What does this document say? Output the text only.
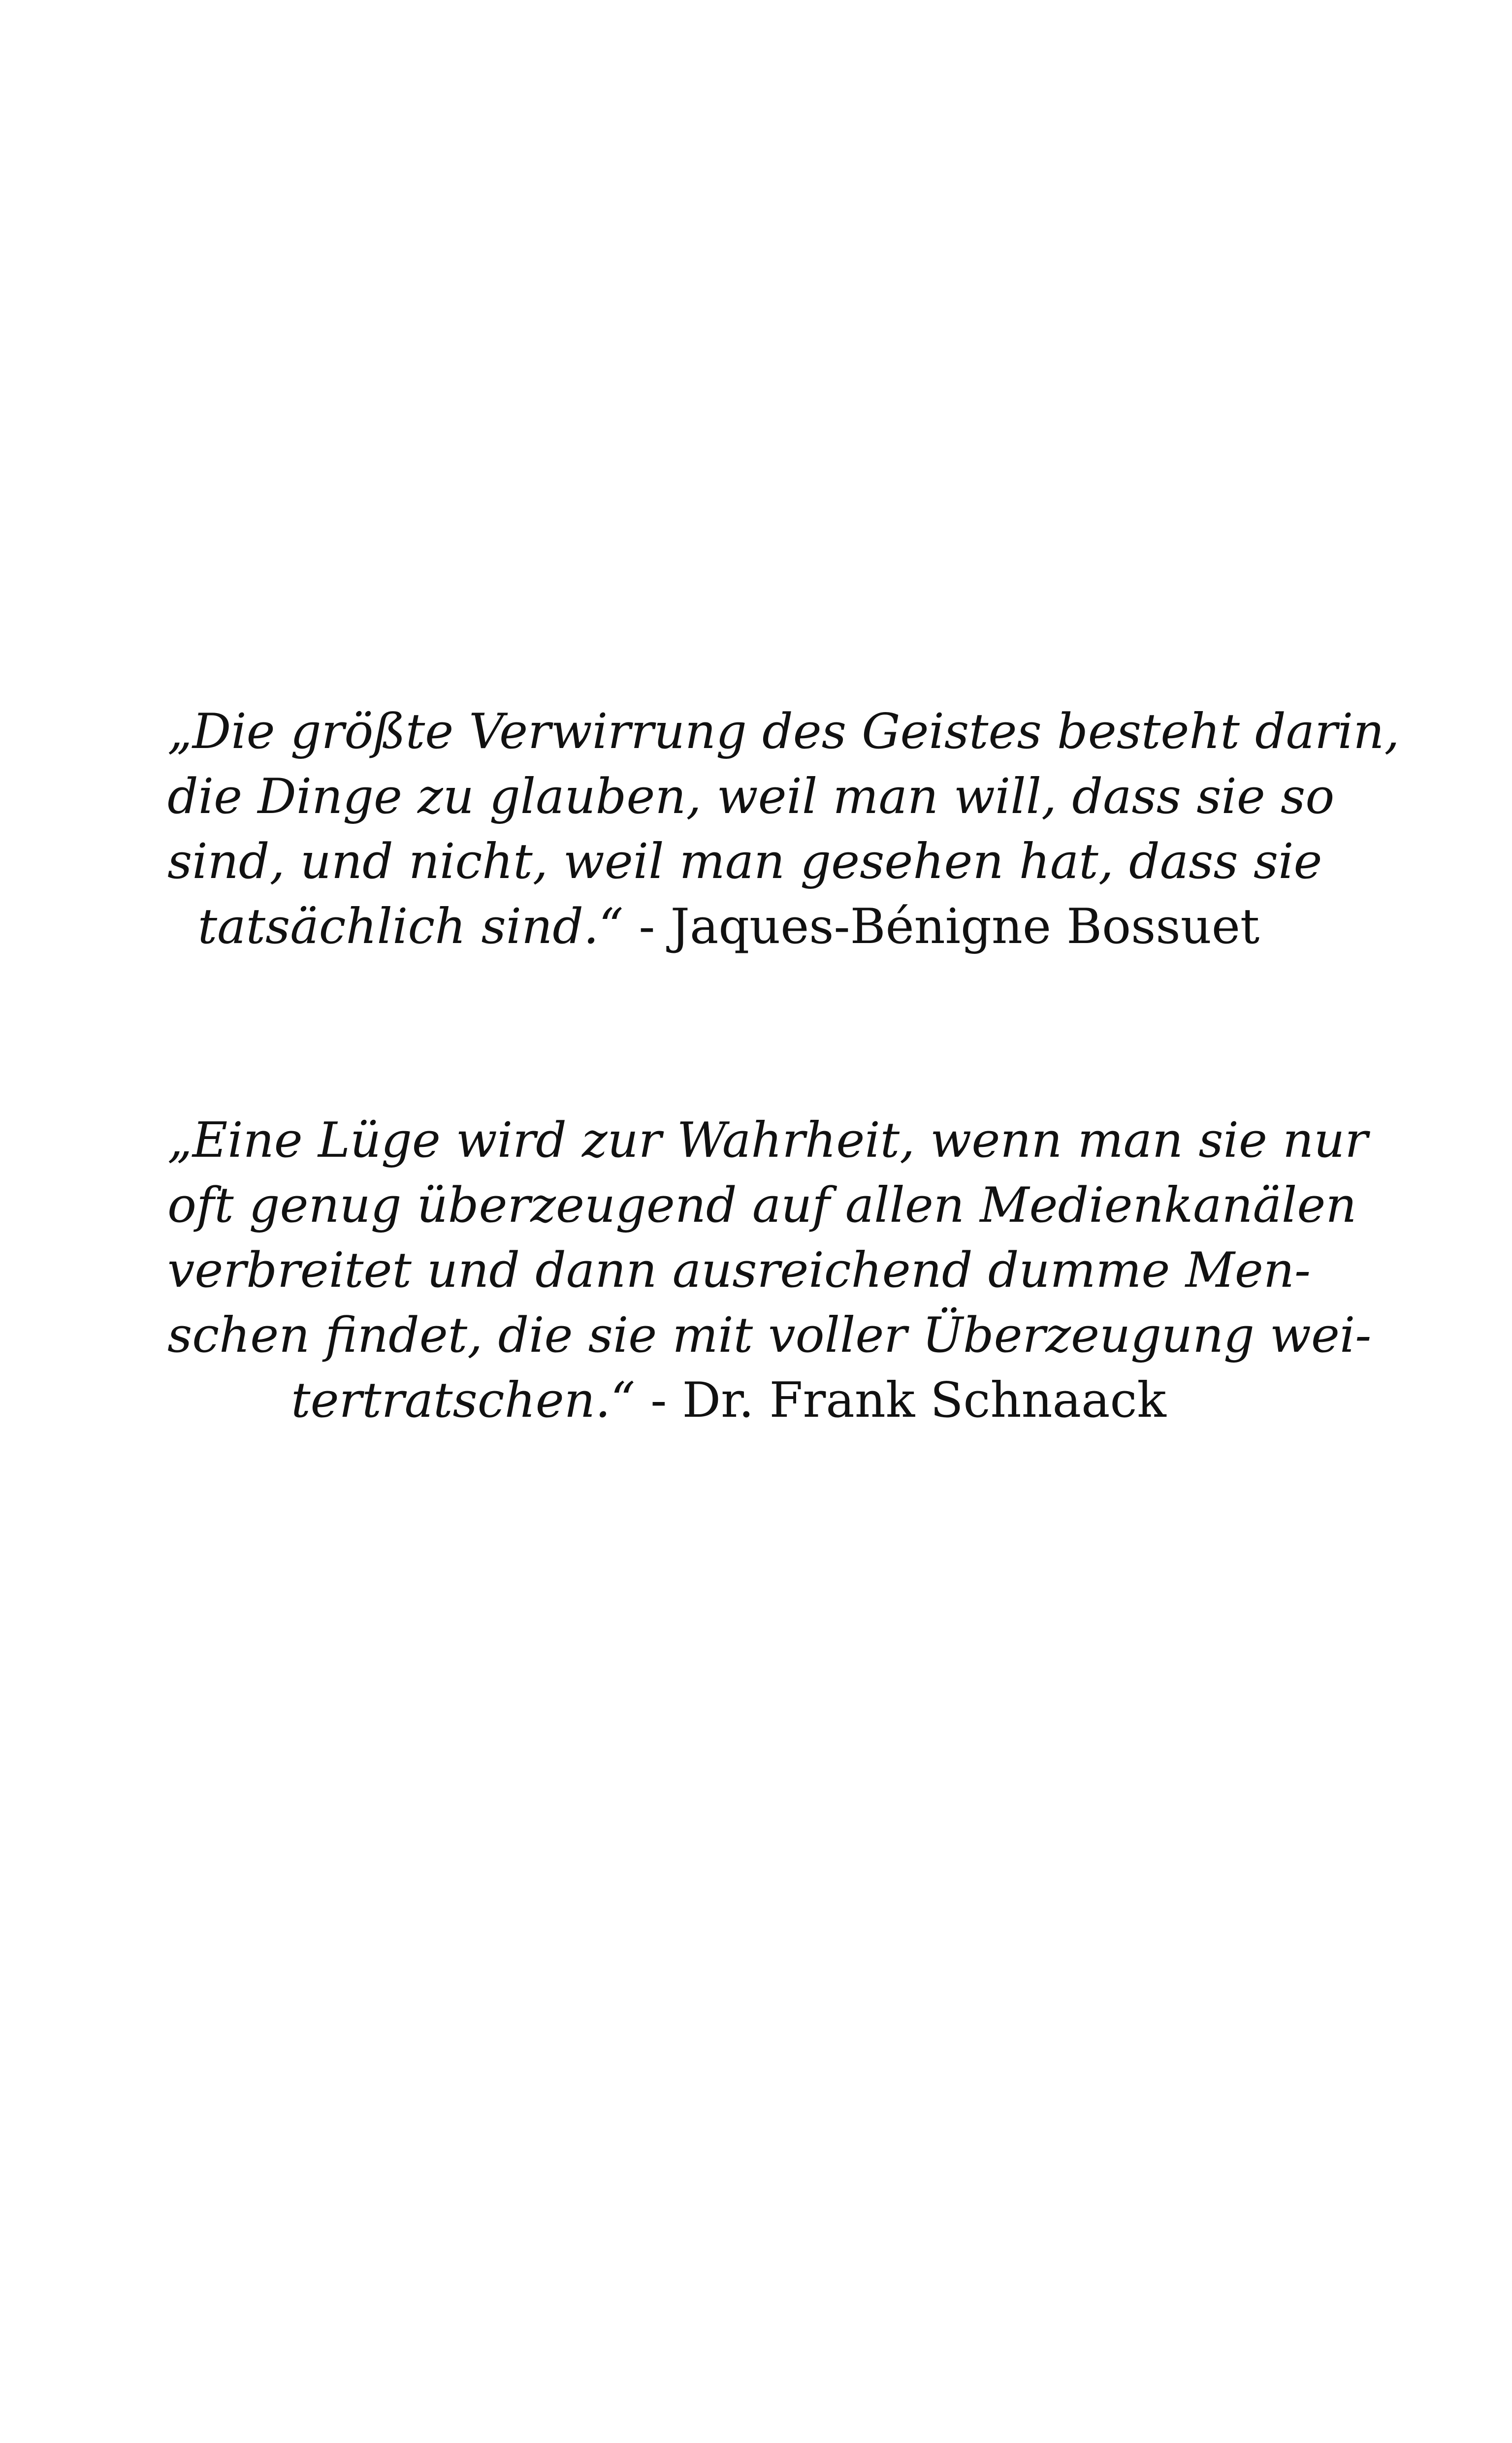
„Die größte Verwirrung des Geistes besteht darin,
die Dinge zu glauben, weil man will, dass sie so
sind, und nicht, weil man gesehen hat, dass sie
tatsächlich sind.“ - Jaques-Bénigne Bossuet
„Eine Lüge wird zur Wahrheit, wenn man sie nur
oft genug überzeugend auf allen Medienkanälen
verbreitet und dann ausreichend dumme Men-
schen findet, die sie mit voller Überzeugung wei-
tertratschen.“ - Dr. Frank Schnaack
